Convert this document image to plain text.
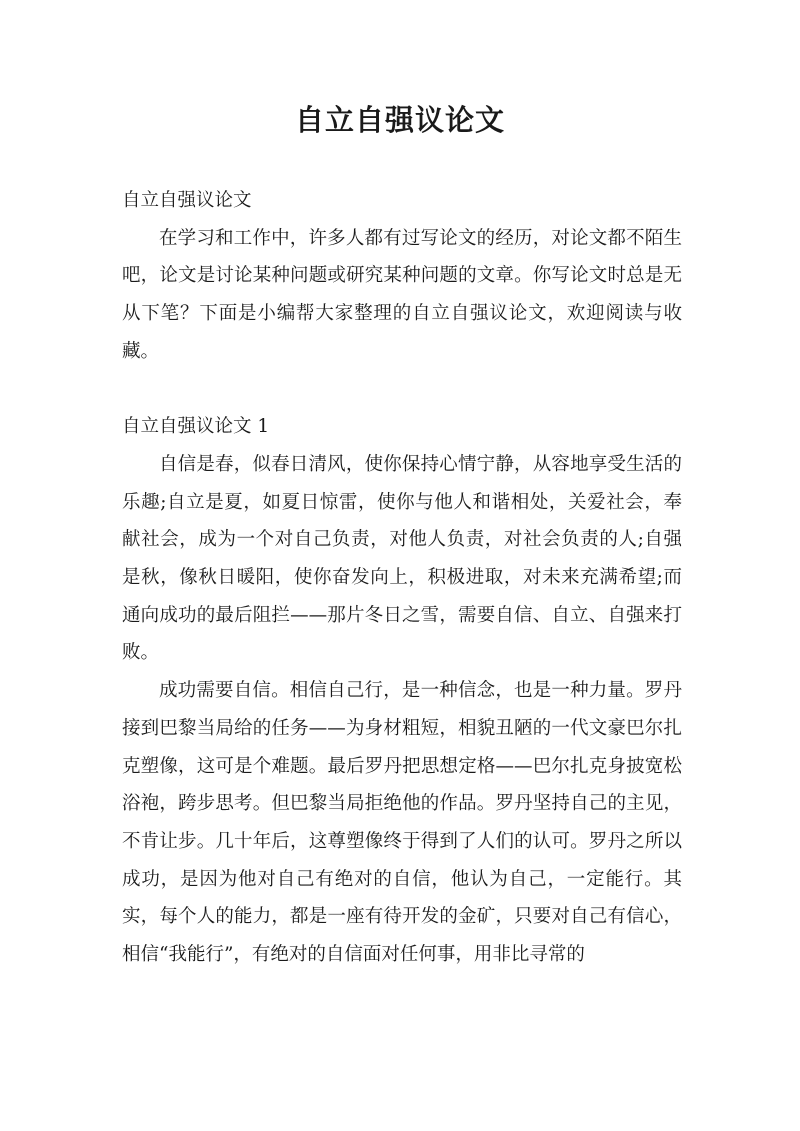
自立自强议论文

自立自强议论文

在学习和工作中，许多人都有过写论文的经历，对论文都不陌生吧，论文是讨论某种问题或研究某种问题的文章。你写论文时总是无从下笔？下面是小编帮大家整理的自立自强议论文，欢迎阅读与收藏。

自立自强议论文 1

自信是春，似春日清风，使你保持心情宁静，从容地享受生活的乐趣;自立是夏，如夏日惊雷，使你与他人和谐相处，关爱社会，奉献社会，成为一个对自己负责，对他人负责，对社会负责的人;自强是秋，像秋日暖阳，使你奋发向上，积极进取，对未来充满希望;而通向成功的最后阻拦——那片冬日之雪，需要自信、自立、自强来打败。

成功需要自信。相信自己行，是一种信念，也是一种力量。罗丹接到巴黎当局给的任务——为身材粗短，相貌丑陋的一代文豪巴尔扎克塑像，这可是个难题。最后罗丹把思想定格——巴尔扎克身披宽松浴袍，跨步思考。但巴黎当局拒绝他的作品。罗丹坚持自己的主见，不肯让步。几十年后，这尊塑像终于得到了人们的认可。罗丹之所以成功，是因为他对自己有绝对的自信，他认为自己，一定能行。其实，每个人的能力，都是一座有待开发的金矿，只要对自己有信心，相信“我能行”，有绝对的自信面对任何事，用非比寻常的
